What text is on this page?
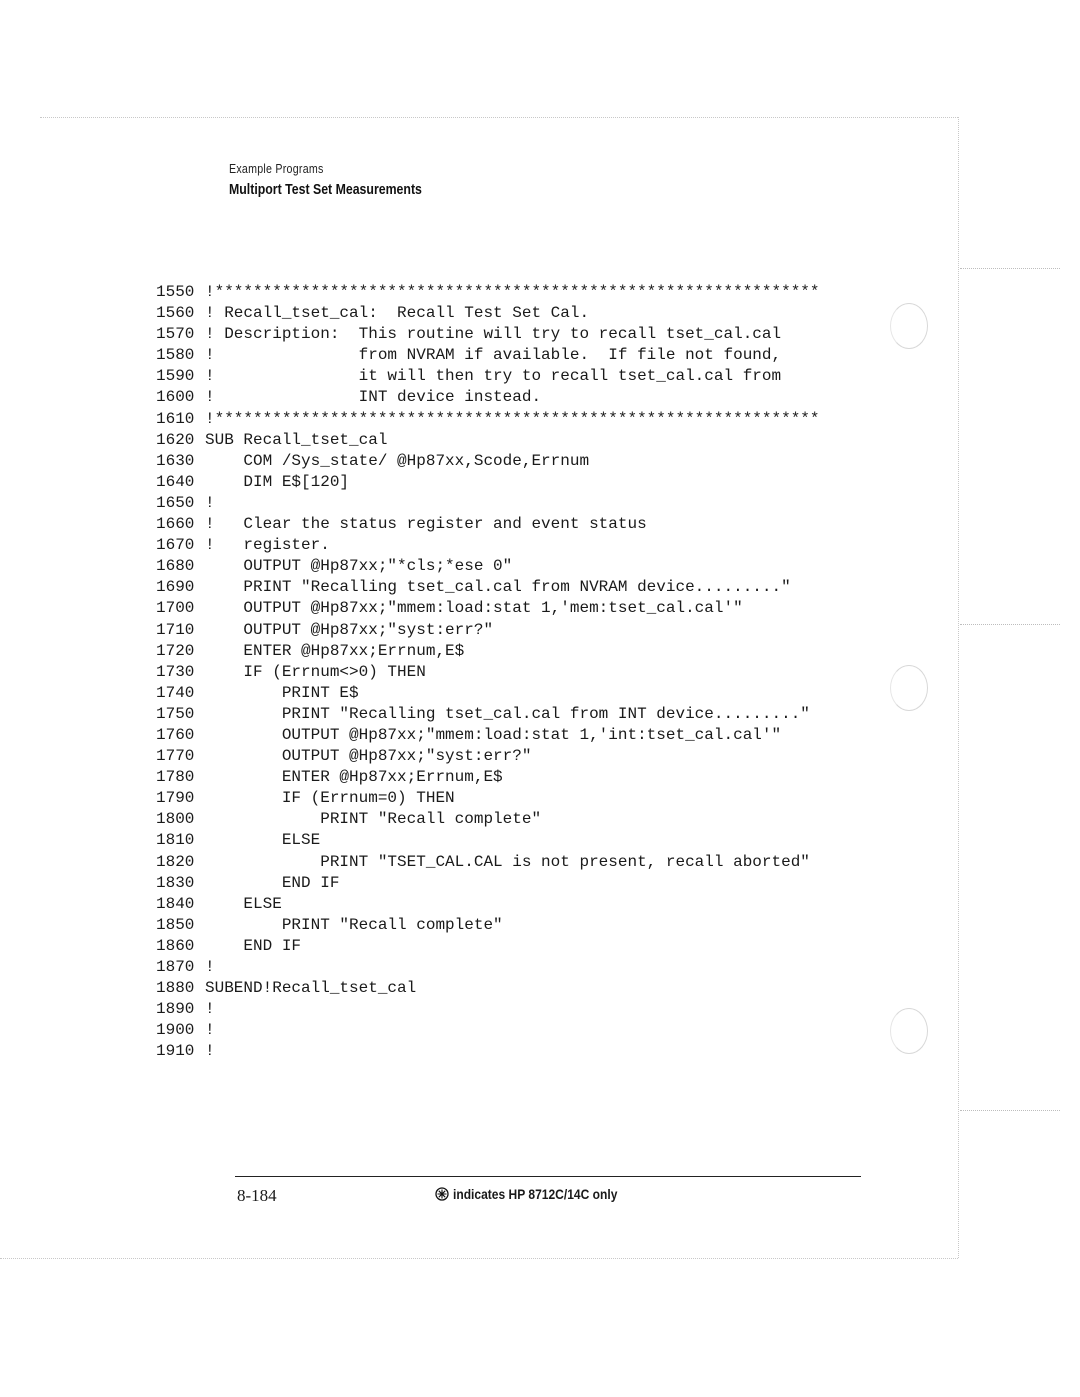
Example Programs
Multiport Test Set Measurements
1550 !***************************************************************
1560 ! Recall_tset_cal:  Recall Test Set Cal.
1570 ! Description:  This routine will try to recall tset_cal.cal
1580 !               from NVRAM if available.  If file not found,
1590 !               it will then try to recall tset_cal.cal from
1600 !               INT device instead.
1610 !***************************************************************
1620 SUB Recall_tset_cal
1630    COM /Sys_state/ @Hp87xx,Scode,Errnum
1640    DIM E$[120]
1650 !
1660 !   Clear the status register and event status
1670 !   register.
1680    OUTPUT @Hp87xx;"*cls;*ese 0"
1690    PRINT "Recalling tset_cal.cal from NVRAM device........."
1700    OUTPUT @Hp87xx;"mmem:load:stat 1,'mem:tset_cal.cal'"
1710    OUTPUT @Hp87xx;"syst:err?"
1720    ENTER @Hp87xx;Errnum,E$
1730    IF (Errnum<>0) THEN
1740        PRINT E$
1750        PRINT "Recalling tset_cal.cal from INT device........."
1760        OUTPUT @Hp87xx;"mmem:load:stat 1,'int:tset_cal.cal'"
1770        OUTPUT @Hp87xx;"syst:err?"
1780        ENTER @Hp87xx;Errnum,E$
1790        IF (Errnum=0) THEN
1800            PRINT "Recall complete"
1810        ELSE
1820            PRINT "TSET_CAL.CAL is not present, recall aborted"
1830        END IF
1840    ELSE
1850        PRINT "Recall complete"
1860    END IF
1870 !
1880 SUBEND!Recall_tset_cal
1890 !
1900 !
1910 !
8-184	indicates HP 8712C/14C only
